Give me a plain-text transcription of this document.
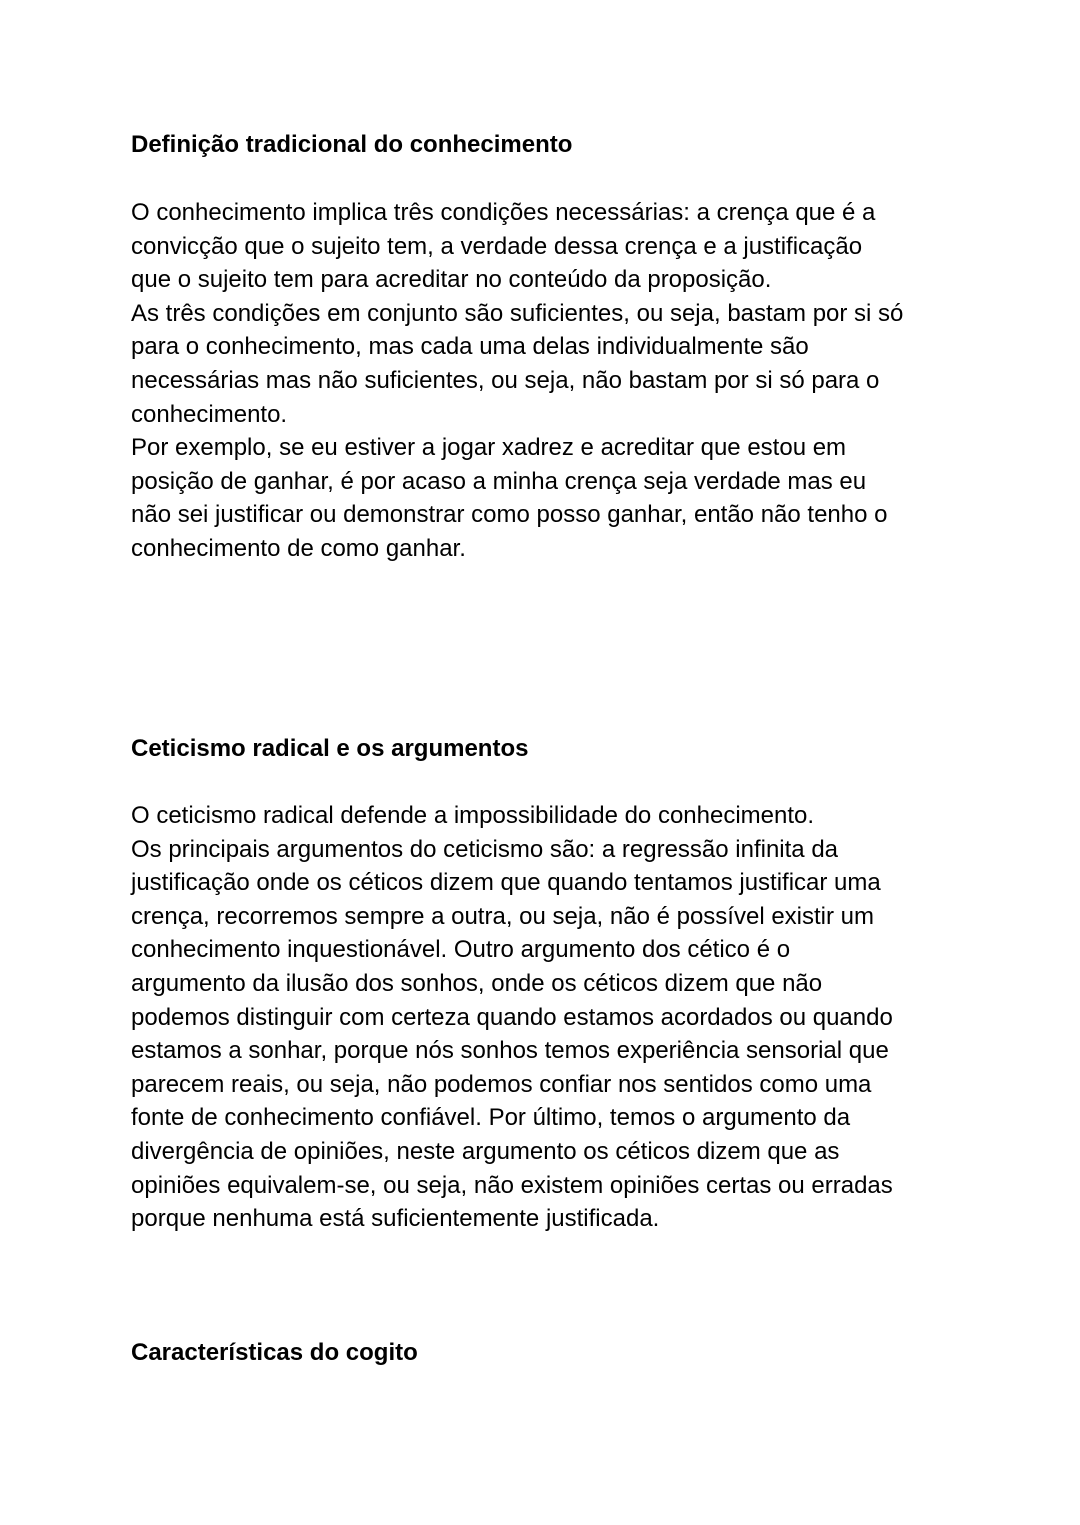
Definição tradicional do conhecimento

O conhecimento implica três condições necessárias: a crença que é a
convicção que o sujeito tem, a verdade dessa crença e a justificação
que o sujeito tem para acreditar no conteúdo da proposição.
As três condições em conjunto são suficientes, ou seja, bastam por si só
para o conhecimento, mas cada uma delas individualmente são
necessárias mas não suficientes, ou seja, não bastam por si só para o
conhecimento.
Por exemplo, se eu estiver a jogar xadrez e acreditar que estou em
posição de ganhar, é por acaso a minha crença seja verdade mas eu
não sei justificar ou demonstrar como posso ganhar, então não tenho o
conhecimento de como ganhar.

Ceticismo radical e os argumentos

O ceticismo radical defende a impossibilidade do conhecimento.
Os principais argumentos do ceticismo são: a regressão infinita da
justificação onde os céticos dizem que quando tentamos justificar uma
crença, recorremos sempre a outra, ou seja, não é possível existir um
conhecimento inquestionável. Outro argumento dos cético é o
argumento da ilusão dos sonhos, onde os céticos dizem que não
podemos distinguir com certeza quando estamos acordados ou quando
estamos a sonhar, porque nós sonhos temos experiência sensorial que
parecem reais, ou seja, não podemos confiar nos sentidos como uma
fonte de conhecimento confiável. Por último, temos o argumento da
divergência de opiniões, neste argumento os céticos dizem que as
opiniões equivalem-se, ou seja, não existem opiniões certas ou erradas
porque nenhuma está suficientemente justificada.

Características do cogito
